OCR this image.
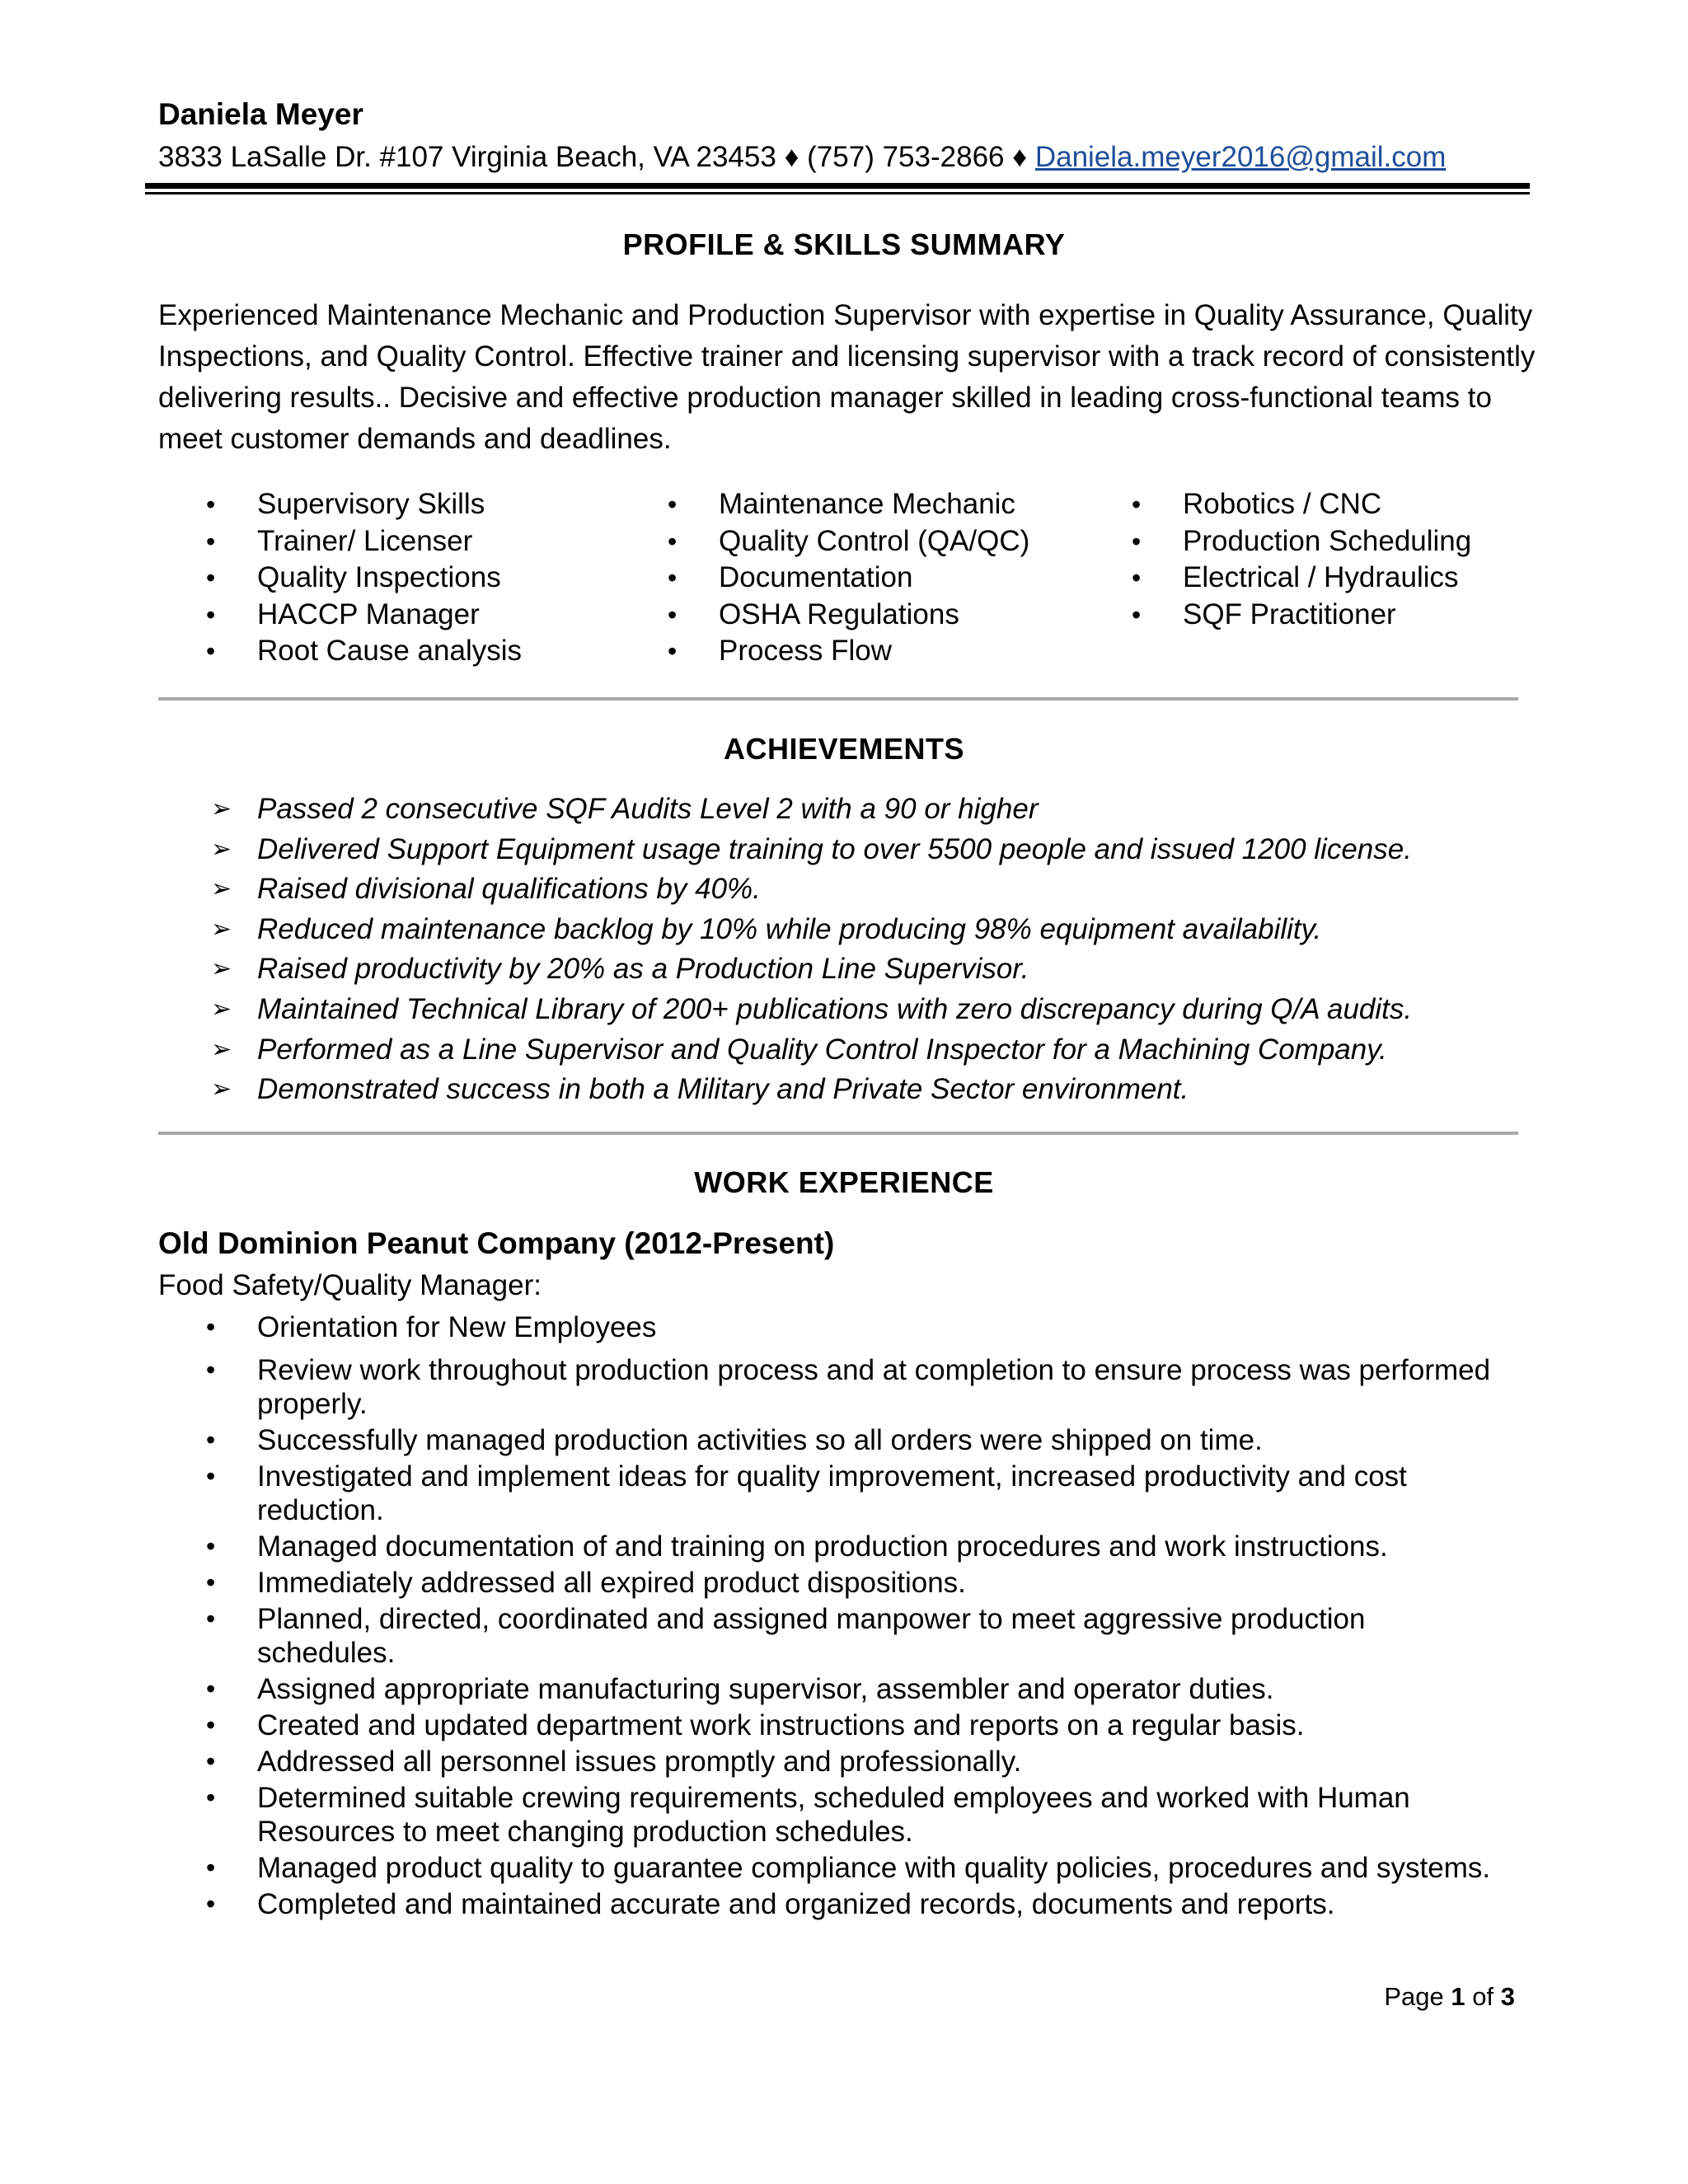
Daniela Meyer
3833 LaSalle Dr. #107 Virginia Beach, VA 23453 ♦ (757) 753-2866 ♦ Daniela.meyer2016@gmail.com
PROFILE & SKILLS SUMMARY
Experienced Maintenance Mechanic and Production Supervisor with expertise in Quality Assurance, Quality Inspections, and Quality Control. Effective trainer and licensing supervisor with a track record of consistently delivering results.. Decisive and effective production manager skilled in leading cross-functional teams to meet customer demands and deadlines.
• Supervisory Skills
• Trainer/ Licenser
• Quality Inspections
• HACCP Manager
• Root Cause analysis
• Maintenance Mechanic
• Quality Control (QA/QC)
• Documentation
• OSHA Regulations
• Process Flow
• Robotics / CNC
• Production Scheduling
• Electrical / Hydraulics
• SQF Practitioner
ACHIEVEMENTS
➢ Passed 2 consecutive SQF Audits Level 2 with a 90 or higher
➢ Delivered Support Equipment usage training to over 5500 people and issued 1200 license.
➢ Raised divisional qualifications by 40%.
➢ Reduced maintenance backlog by 10% while producing 98% equipment availability.
➢ Raised productivity by 20% as a Production Line Supervisor.
➢ Maintained Technical Library of 200+ publications with zero discrepancy during Q/A audits.
➢ Performed as a Line Supervisor and Quality Control Inspector for a Machining Company.
➢ Demonstrated success in both a Military and Private Sector environment.
WORK EXPERIENCE
Old Dominion Peanut Company (2012-Present)
Food Safety/Quality Manager:
• Orientation for New Employees
• Review work throughout production process and at completion to ensure process was performed properly.
• Successfully managed production activities so all orders were shipped on time.
• Investigated and implement ideas for quality improvement, increased productivity and cost reduction.
• Managed documentation of and training on production procedures and work instructions.
• Immediately addressed all expired product dispositions.
• Planned, directed, coordinated and assigned manpower to meet aggressive production schedules.
• Assigned appropriate manufacturing supervisor, assembler and operator duties.
• Created and updated department work instructions and reports on a regular basis.
• Addressed all personnel issues promptly and professionally.
• Determined suitable crewing requirements, scheduled employees and worked with Human Resources to meet changing production schedules.
• Managed product quality to guarantee compliance with quality policies, procedures and systems.
• Completed and maintained accurate and organized records, documents and reports.
Page 1 of 3
